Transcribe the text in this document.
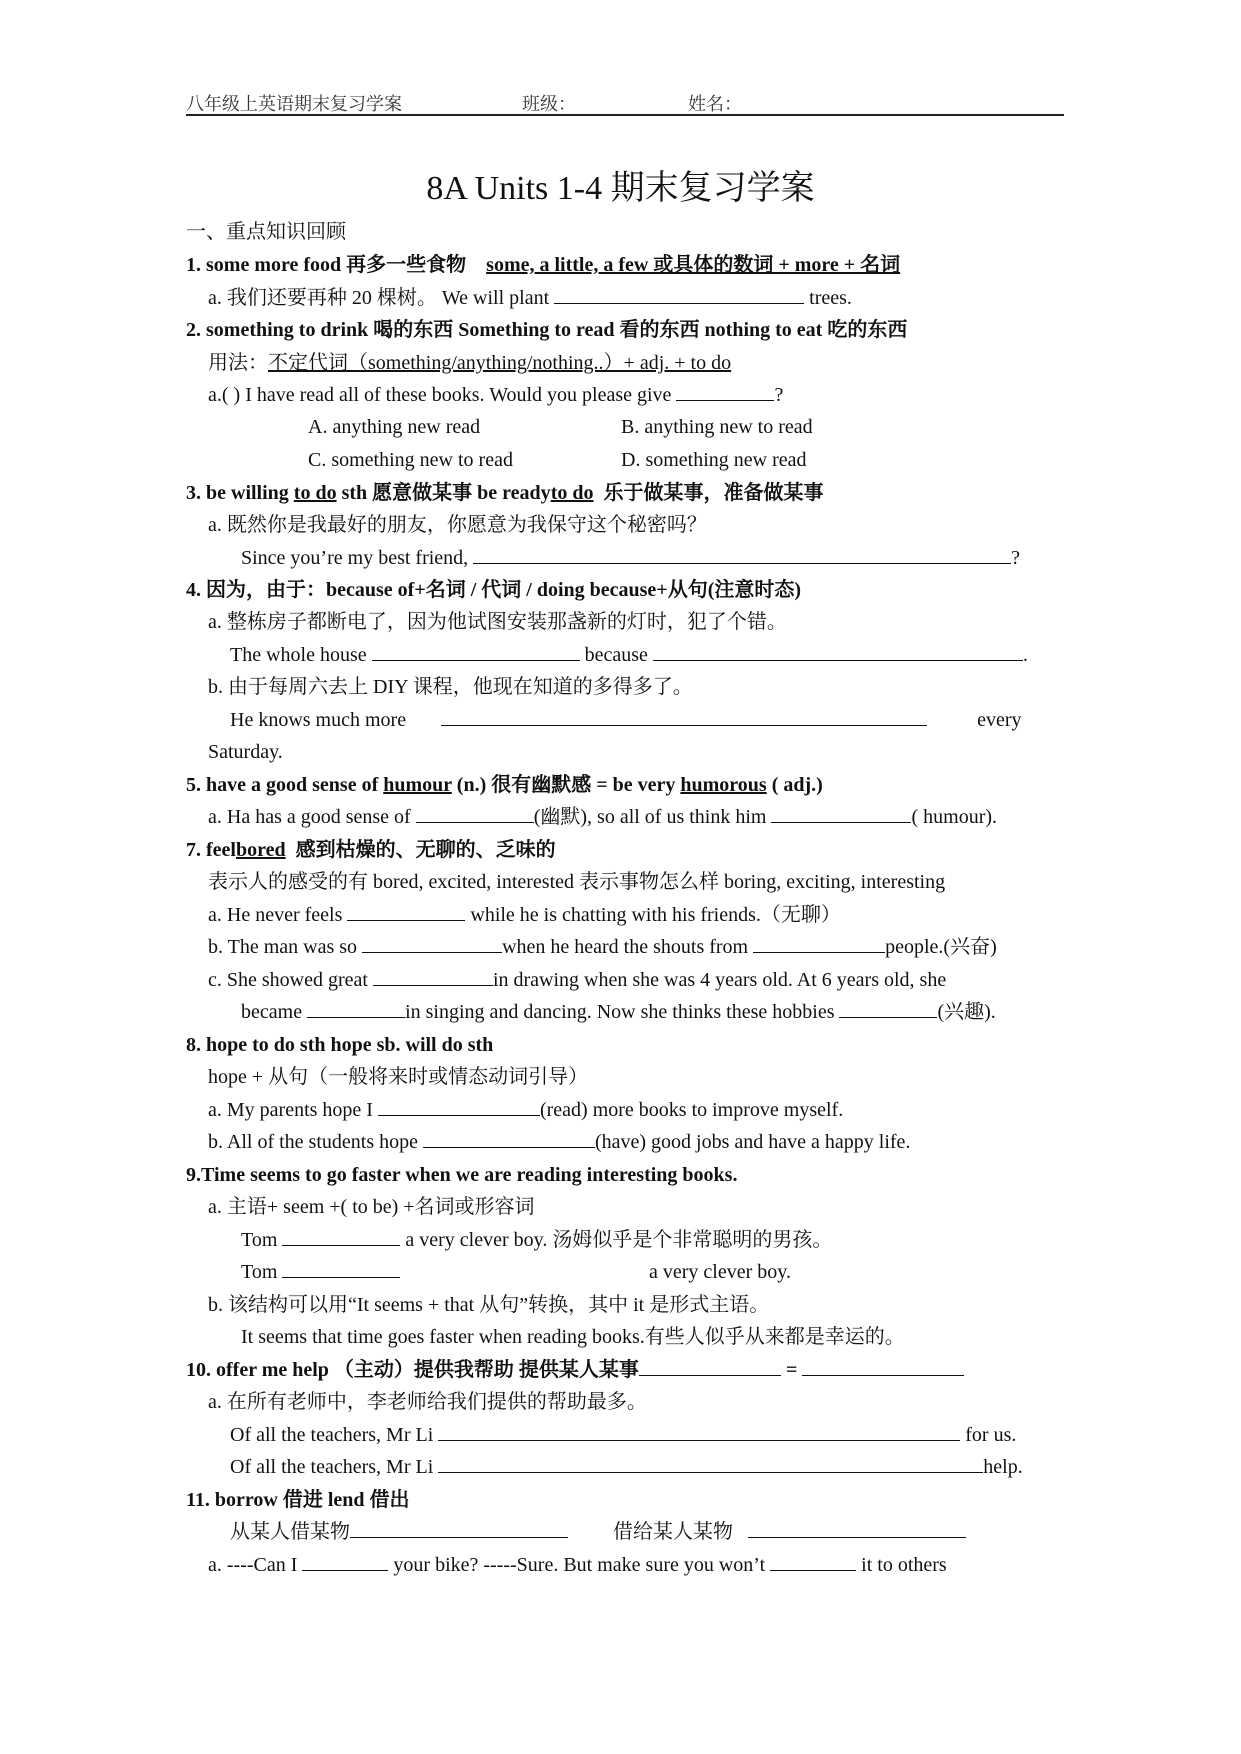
八年级上英语期末复习学案	班级：	姓名：
8A Units 1-4 期末复习学案
一、重点知识回顾
1. some more food 再多一些食物 some, a little, a few 或具体的数词 + more + 名词
a. 我们还要再种 20 棵树。 We will plant	trees.
2. something to drink 喝的东西 Something to read 看的东西 nothing to eat 吃的东西
用法：不定代词（something/anything/nothing..）+ adj. + to do
a.( ) I have read all of these books. Would you please give	?
A. anything new read	B. anything new to read
C. something new to read	D. something new read
3. be willing to do sth 愿意做某事 be readyto do 乐于做某事，准备做某事
a. 既然你是我最好的朋友，你愿意为我保守这个秘密吗？
Since you’re my best friend,	?
4. 因为，由于：because of+名词 / 代词 / doing because+从句(注意时态)
a. 整栋房子都断电了，因为他试图安装那盏新的灯时，犯了个错。
The whole house	because	.
b. 由于每周六去上 DIY 课程，他现在知道的多得多了。
He knows much more	every
Saturday.
5. have a good sense of humour (n.) 很有幽默感 = be very humorous ( adj.)
a. Ha has a good sense of	(幽默), so all of us think him	( humour).
7. feelbored 感到枯燥的、无聊的、乏味的
表示人的感受的有 bored, excited, interested 表示事物怎么样 boring, exciting, interesting
a. He never feels	while he is chatting with his friends.（无聊）
b. The man was so	when he heard the shouts from	people.(兴奋)
c. She showed great	in drawing when she was 4 years old. At 6 years old, she
became	in singing and dancing. Now she thinks these hobbies	(兴趣).
8. hope to do sth hope sb. will do sth
hope + 从句（一般将来时或情态动词引导）
a. My parents hope I	(read) more books to improve myself.
b. All of the students hope	(have) good jobs and have a happy life.
9.Time seems to go faster when we are reading interesting books.
a. 主语+ seem +( to be) +名词或形容词
Tom	a very clever boy. 汤姆似乎是个非常聪明的男孩。
Tom	a very clever boy.
b. 该结构可以用“It seems + that 从句”转换，其中 it 是形式主语。
It seems that time goes faster when reading books.有些人似乎从来都是幸运的。
10. offer me help （主动）提供我帮助 提供某人某事	=
a. 在所有老师中，李老师给我们提供的帮助最多。
Of all the teachers, Mr Li	for us.
Of all the teachers, Mr Li	help.
11. borrow 借进 lend 借出
从某人借某物	借给某人某物
a. ----Can I	your bike? -----Sure. But make sure you won’t	it to others
